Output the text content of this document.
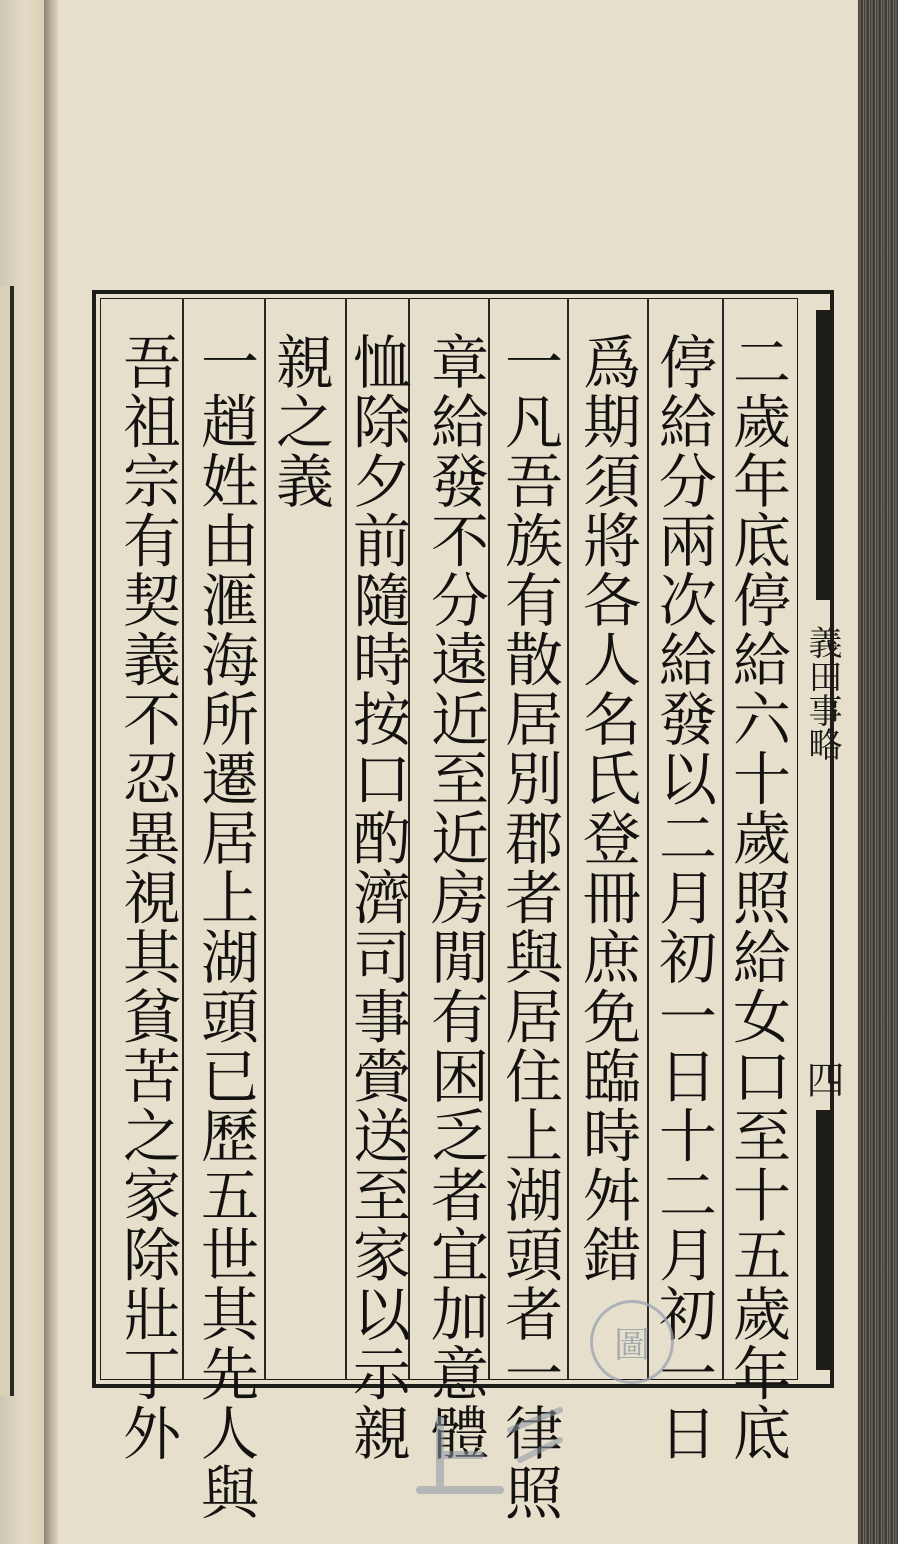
二歲年底停給六十歲照給女口至十五歲年底
停給分兩次給發以二月初一日十二月初一日
爲期須將各人名氏登冊庶免臨時舛錯
一凡吾族有散居別郡者與居住上湖頭者一律照
章給發不分遠近至近房閒有困乏者宜加意體
恤除夕前隨時按口酌濟司事賫送至家以示親
親之義
一趙姓由滙海所遷居上湖頭已歷五世其先人與
吾祖宗有契義不忍異視其貧苦之家除壯丁外	義田事略
四
圖
